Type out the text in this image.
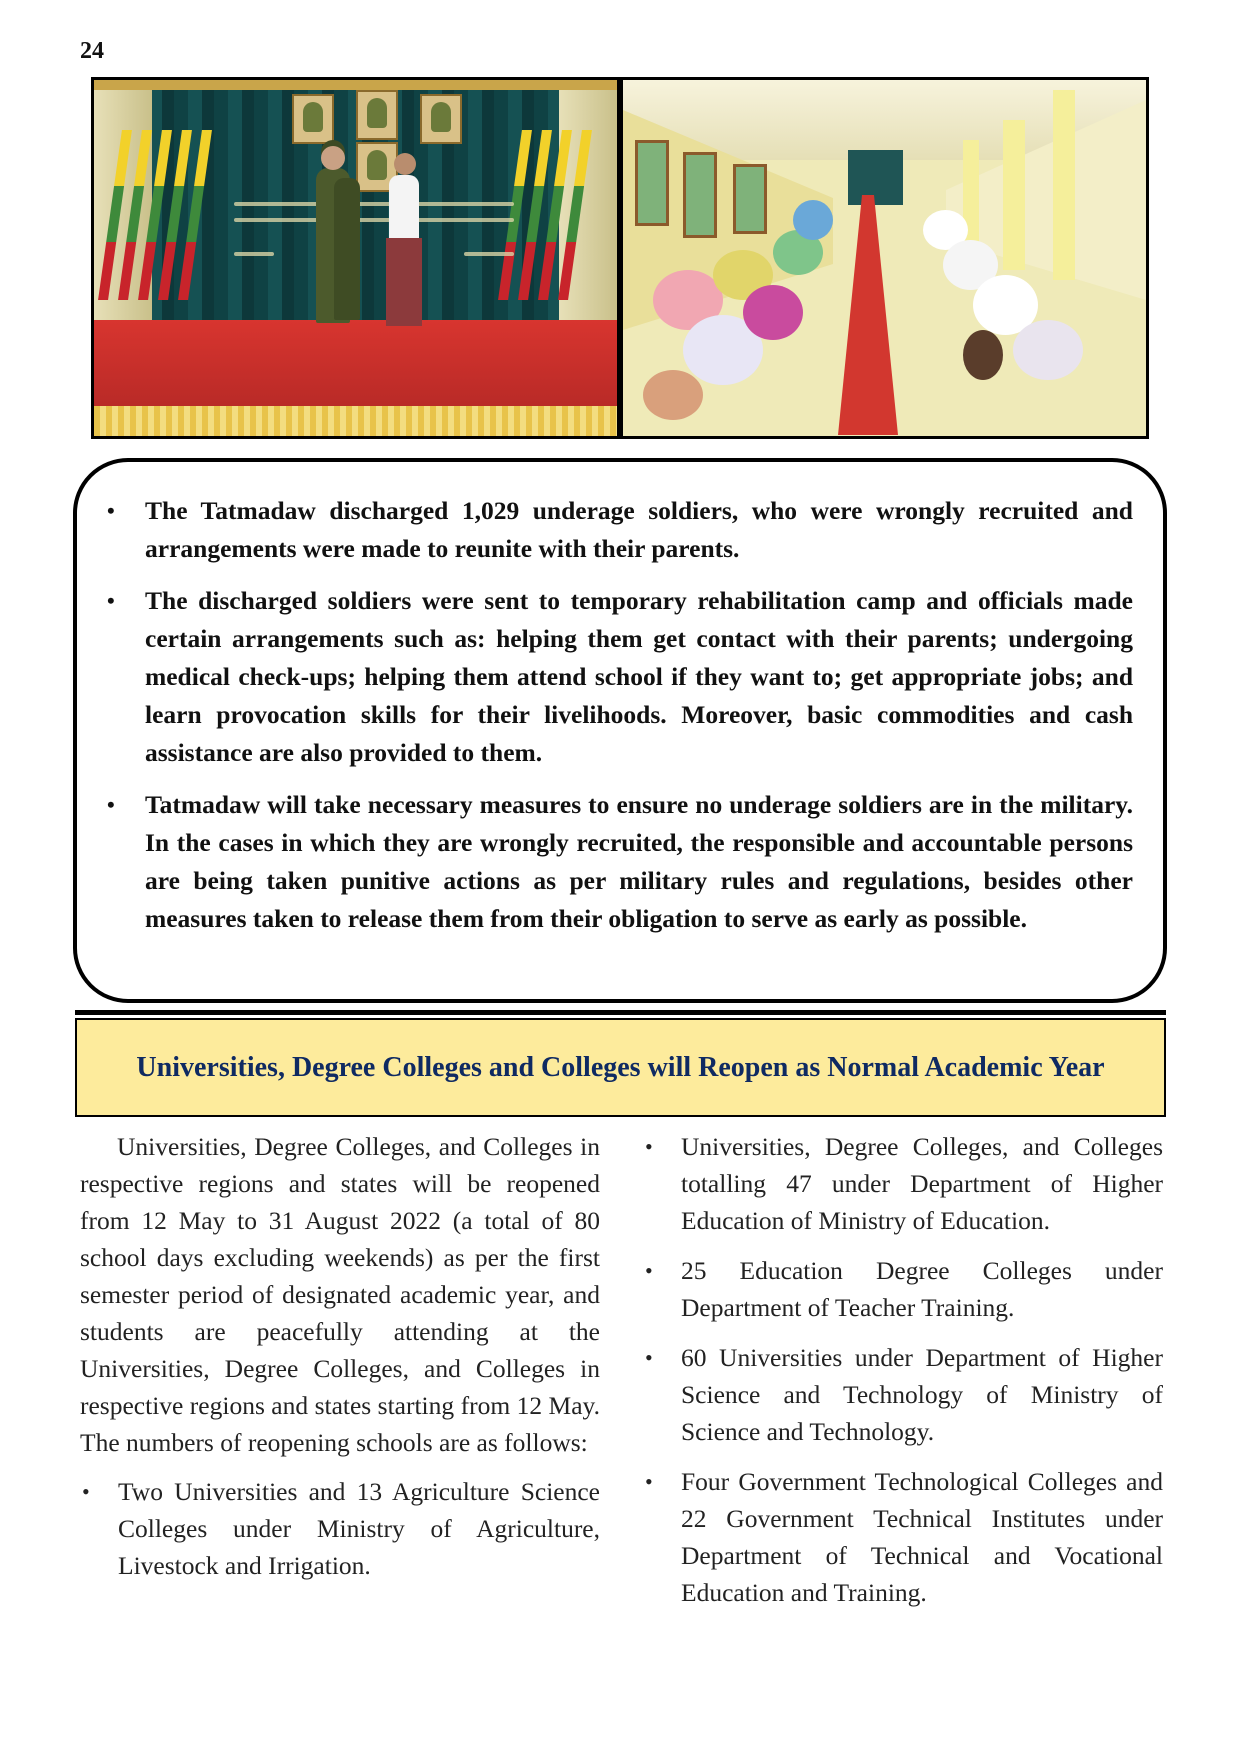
24
• The Tatmadaw discharged 1,029 underage soldiers, who were wrongly recruited and arrangements were made to reunite with their parents.
• The discharged soldiers were sent to temporary rehabilitation camp and officials made certain arrangements such as: helping them get contact with their parents; undergoing medical check-ups; helping them attend school if they want to; get appropriate jobs; and learn provocation skills for their livelihoods. Moreover, basic commodities and cash assistance are also provided to them.
• Tatmadaw will take necessary measures to ensure no underage soldiers are in the military. In the cases in which they are wrongly recruited, the responsible and accountable persons are being taken punitive actions as per military rules and regulations, besides other measures taken to release them from their obligation to serve as early as possible.
Universities, Degree Colleges and Colleges will Reopen as Normal Academic Year

Universities, Degree Colleges, and Colleges in respective regions and states will be reopened from 12 May to 31 August 2022 (a total of 80 school days excluding weekends) as per the first semester period of designated academic year, and students are peacefully attending at the Universities, Degree Colleges, and Colleges in respective regions and states starting from 12 May. The numbers of reopening schools are as follows:

• Two Universities and 13 Agriculture Science Colleges under Ministry of Agriculture, Livestock and Irrigation.
• Universities, Degree Colleges, and Colleges totalling 47 under Department of Higher Education of Ministry of Education.
• 25 Education Degree Colleges under Department of Teacher Training.
• 60 Universities under Department of Higher Science and Technology of Ministry of Science and Technology.
• Four Government Technological Colleges and 22 Government Technical Institutes under Department of Technical and Vocational Education and Training.
